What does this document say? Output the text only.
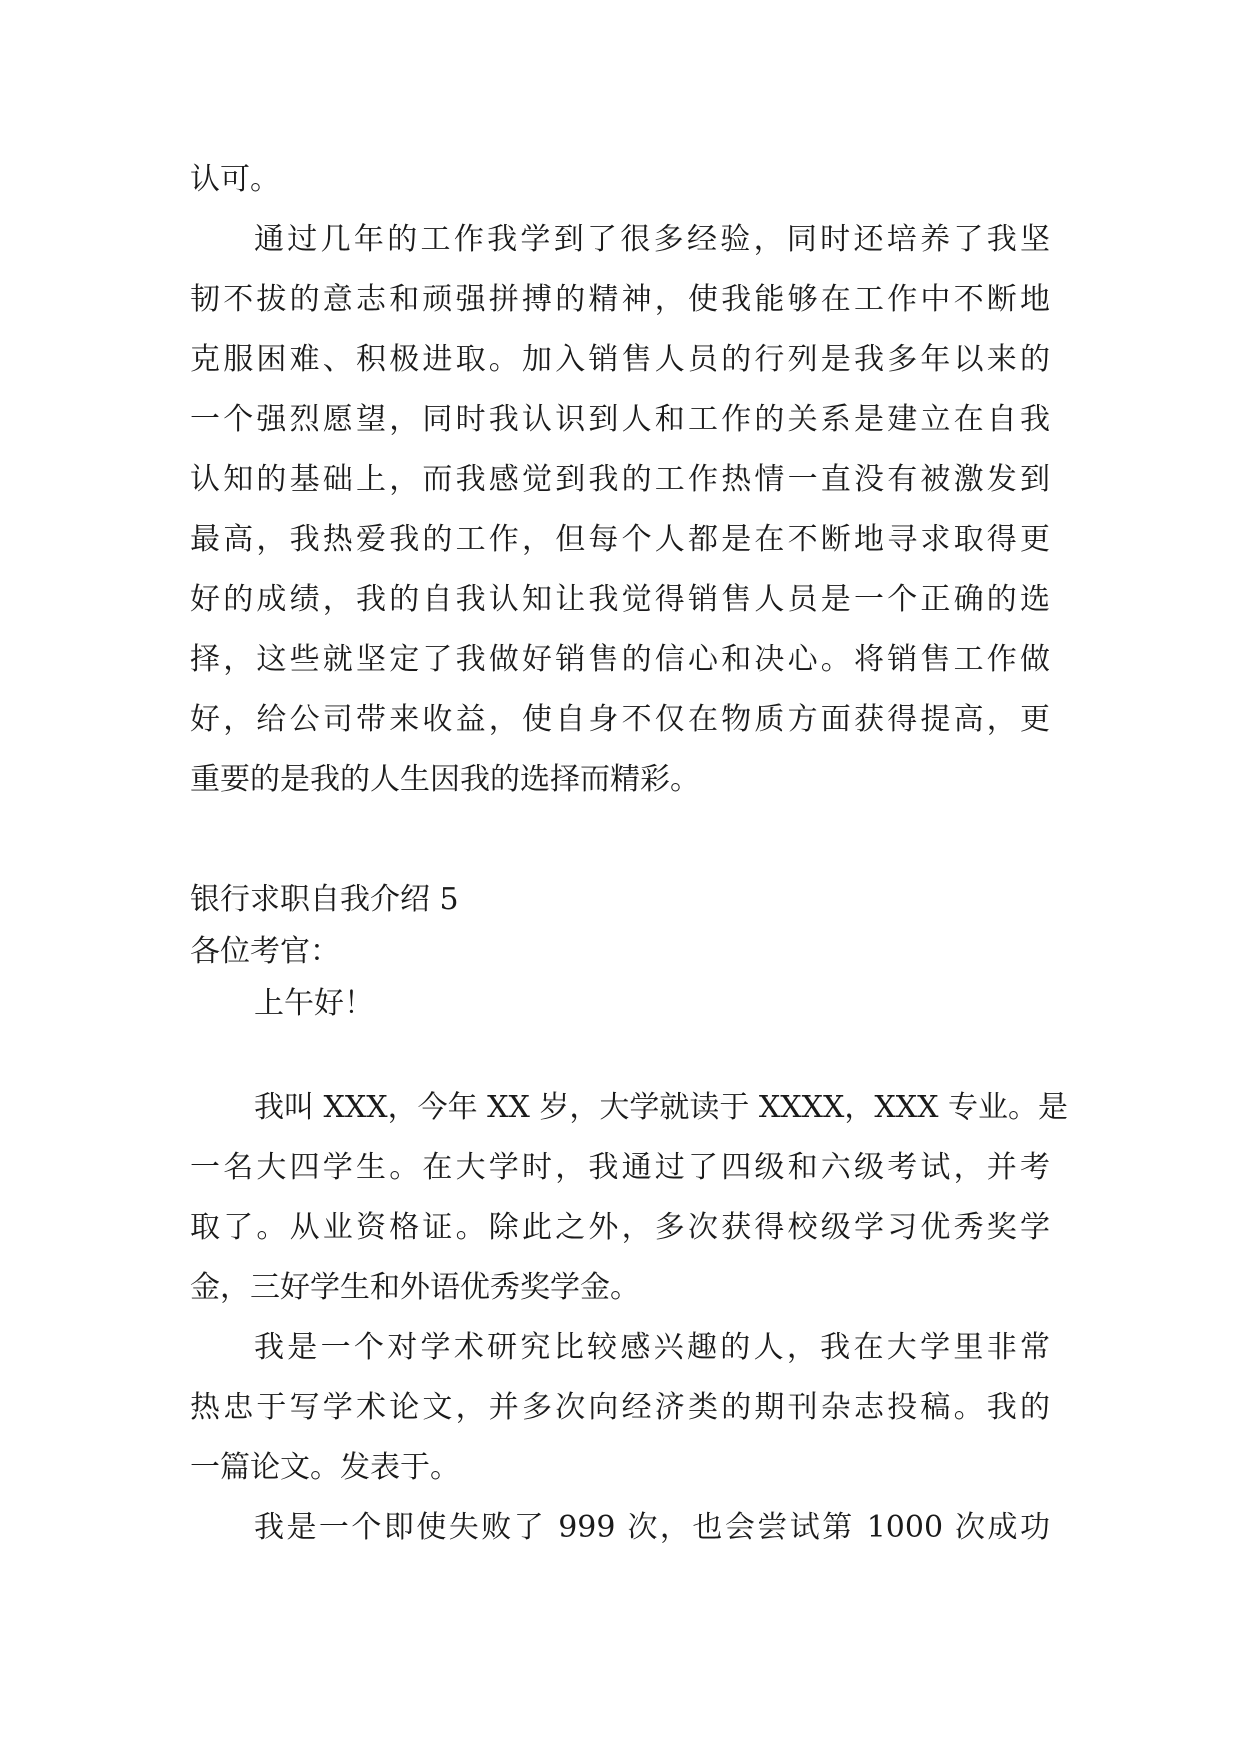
认可。
通过几年的工作我学到了很多经验，同时还培养了我坚
韧不拔的意志和顽强拼搏的精神，使我能够在工作中不断地
克服困难、积极进取。加入销售人员的行列是我多年以来的
一个强烈愿望，同时我认识到人和工作的关系是建立在自我
认知的基础上，而我感觉到我的工作热情一直没有被激发到
最高，我热爱我的工作，但每个人都是在不断地寻求取得更
好的成绩，我的自我认知让我觉得销售人员是一个正确的选
择，这些就坚定了我做好销售的信心和决心。将销售工作做
好，给公司带来收益，使自身不仅在物质方面获得提高，更
重要的是我的人生因我的选择而精彩。
银行求职自我介绍 5
各位考官：
上午好！
我叫 XXX，今年 XX 岁，大学就读于 XXXX，XXX 专业。是
一名大四学生。在大学时，我通过了四级和六级考试，并考
取了。从业资格证。除此之外，多次获得校级学习优秀奖学
金，三好学生和外语优秀奖学金。
我是一个对学术研究比较感兴趣的人，我在大学里非常
热忠于写学术论文，并多次向经济类的期刊杂志投稿。我的
一篇论文。发表于。
我是一个即使失败了 999 次，也会尝试第 1000 次成功
